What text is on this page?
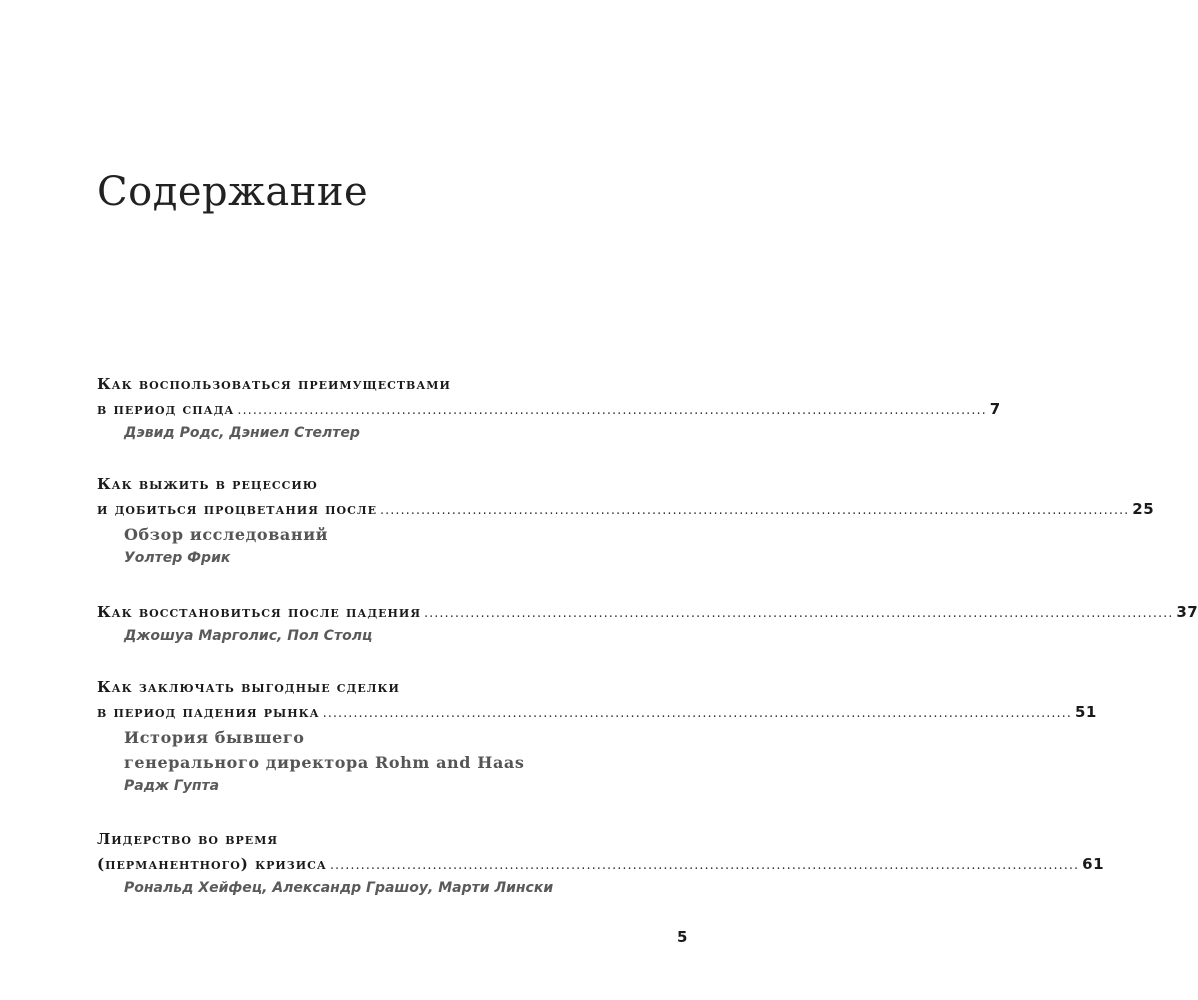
Содержание
Как воспользоваться преимуществами
в период спада .................................................................................................................................................. 7
Дэвид Родс, Дэниел Стелтер
Как выжить в рецессию
и добиться процветания после .................................................................................................................................................. 25
Обзор исследований
Уолтер Фрик
Как восстановиться после падения .................................................................................................................................................. 37
Джошуа Марголис, Пол Столц
Как заключать выгодные сделки
в период падения рынка .................................................................................................................................................. 51
История бывшего
генерального директора Rohm and Haas
Радж Гупта
Лидерство во время
(перманентного) кризиса .................................................................................................................................................. 61
Рональд Хейфец, Александр Грашоу, Марти Лински
5
